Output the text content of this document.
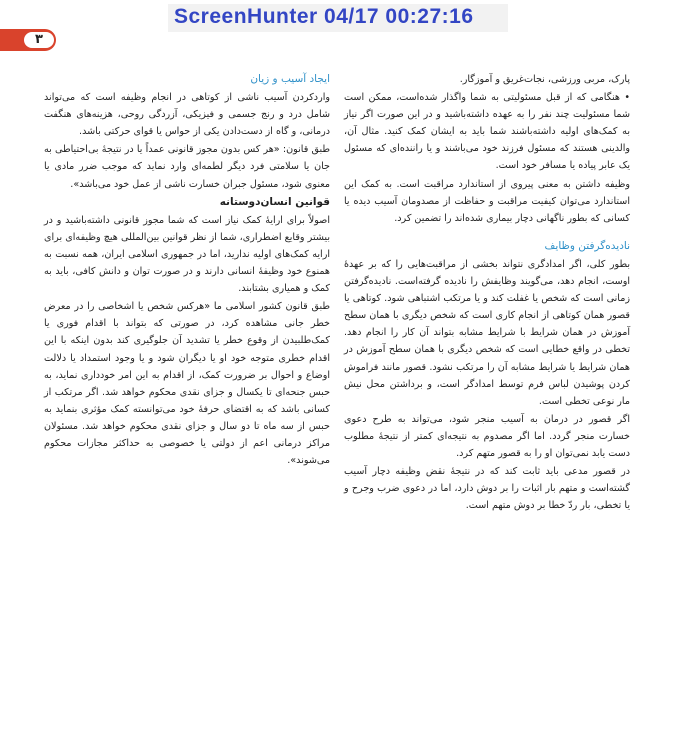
ScreenHunter 04/17 00:27:16
۳

پارک، مربی ورزشی، نجات‌غریق و آموزگار.

• هنگامی که از قبل مسئولیتی به شما واگذار شده‌است، ممکن است شما مسئولیت چند نفر را به عهده داشته‌باشید و در این صورت اگر نیاز به کمک‌های اولیه داشته‌باشند شما باید به ایشان کمک کنید. مثال آن، والدینی هستند که مسئول فرزند خود می‌باشند و یا راننده‌ای که مسئول یک عابر پیاده یا مسافر خود است.

وظیفه داشتن به معنی پیروی از استاندارد مراقبت است. به کمک این استاندارد می‌توان کیفیت مراقبت و حفاظت از مصدومان آسیب دیده یا کسانی که بطور ناگهانی دچار بیماری شده‌اند را تضمین کرد.

نادیده‌گرفتن وظایف

بطور کلی، اگر امدادگری نتواند بخشی از مراقبت‌هایی را که بر عهدهٔ اوست، انجام دهد، می‌گویند وظایفش را نادیده گرفته‌است. نادیده‌گرفتن زمانی است که شخص یا غفلت کند و یا مرتکب اشتباهی شود. کوتاهی یا قصور همان کوتاهی از انجام کاری است که شخص دیگری با همان سطح آموزش در همان شرایط با شرایط مشابه بتواند آن کار را انجام دهد. تخطی در واقع خطایی است که شخص دیگری با همان سطح آموزش در همان شرایط یا شرایط مشابه آن را مرتکب نشود. قصور مانند فراموش کردن پوشیدن لباس فرم توسط امدادگر است، و برداشتن محل نیش مار نوعی تخطی است.

اگر قصور در درمان به آسیب منجر شود، می‌تواند به طرح دعوی خسارت منجر گردد. اما اگر مصدوم به نتیجه‌ای کمتر از نتیجهٔ مطلوب دست یابد نمی‌توان او را به قصور متهم کرد.

در قصور مدعی باید ثابت کند که در نتیجهٔ نقض وظیفه دچار آسیب گشته‌است و متهم بار اثبات را بر دوش دارد، اما در دعوی ضرب وجرح و یا تخطی، بار ردّ خطا بر دوش متهم است.

ایجاد آسیب و زیان

واردکردن آسیب ناشی از کوتاهی در انجام وظیفه است که می‌تواند شامل درد و رنج جسمی و فیزیکی، آزردگی روحی، هزینه‌های هنگفت درمانی، و گاه از دست‌دادن یکی از حواس یا قوای حرکتی باشد.

طبق قانون: «هر کس بدون مجوز قانونی عمداً یا در نتیجهٔ بی‌احتیاطی به جان یا سلامتی فرد دیگر لطمه‌ای وارد نماید که موجب ضرر مادی یا معنوی شود، مسئول جبران خسارت ناشی از عمل خود می‌باشد».

قوانین انسان‌دوستانه

اصولاً برای ارایهٔ کمک نیاز است که شما مجوز قانونی داشته‌باشید و در بیشتر وقایع اضطراری، شما از نظر قوانین بین‌المللی هیچ وظیفه‌ای برای ارایه کمک‌های اولیه ندارید، اما در جمهوری اسلامی ایران، همه نسبت به همنوع خود وظیفهٔ انسانی دارند و در صورت توان و دانش کافی، باید به کمک و همیاری بشتابند.

طبق قانون کشور اسلامی ما «هرکس شخص یا اشخاصی را در معرض خطر جانی مشاهده کرد، در صورتی که بتواند با اقدام فوری یا کمک‌طلبیدن از وقوع خطر یا تشدید آن جلوگیری کند بدون اینکه با این اقدام خطری متوجه خود او یا دیگران شود و یا وجود استمداد یا دلالت اوضاع و احوال بر ضرورت کمک، از اقدام به این امر خودداری نماید، به حبس جنحه‌ای تا یکسال و جزای نقدی محکوم خواهد شد. اگر مرتکب از کسانی باشد که به اقتضای حرفهٔ خود می‌توانسته کمک مؤثری بنماید به حبس از سه ماه تا دو سال و جزای نقدی محکوم خواهد شد. مسئولان مراکز درمانی اعم از دولتی یا خصوصی به حداکثر مجازات محکوم می‌شوند».
